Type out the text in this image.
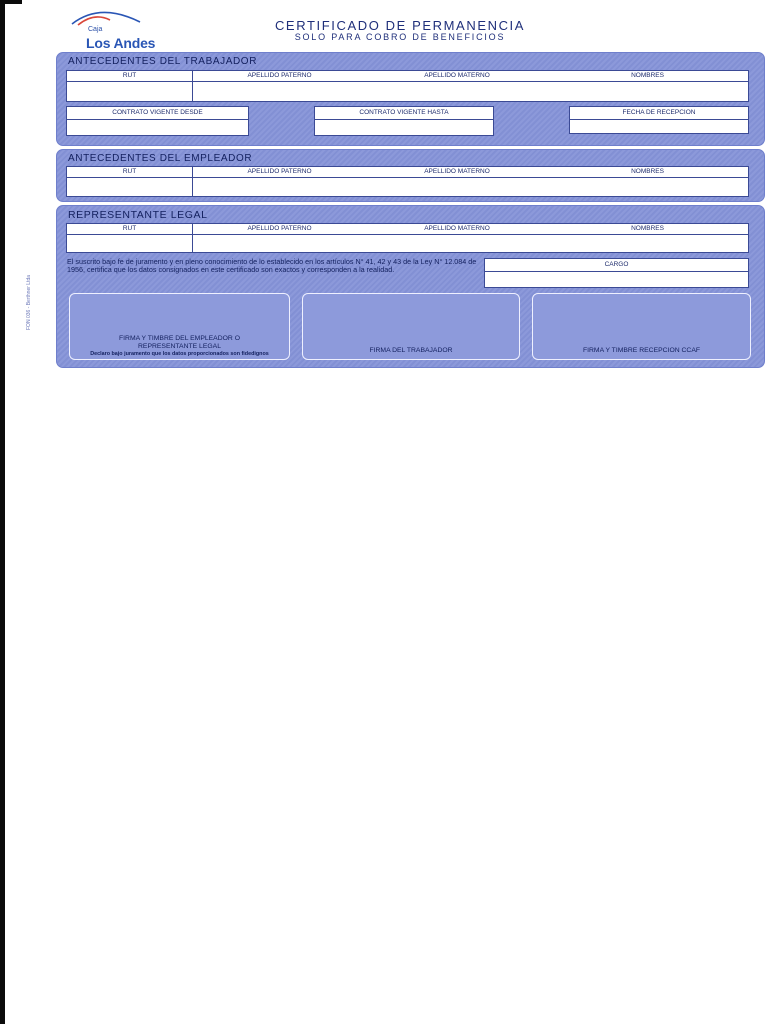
Caja
Los Andes
CERTIFICADO DE PERMANENCIA
SOLO PARA COBRO DE BENEFICIOS
ANTECEDENTES DEL TRABAJADOR
RUT	APELLIDO PATERNO	APELLIDO MATERNO	NOMBRES
CONTRATO VIGENTE DESDE	CONTRATO VIGENTE HASTA	FECHA DE RECEPCION
ANTECEDENTES DEL EMPLEADOR
RUT	APELLIDO PATERNO	APELLIDO MATERNO	NOMBRES
REPRESENTANTE LEGAL
RUT	APELLIDO PATERNO	APELLIDO MATERNO	NOMBRES
El suscrito bajo fe de juramento y en pleno conocimiento de lo establecido en los artículos N° 41, 42 y 43 de la Ley N° 12.084 de 1956, certifica que los datos consignados en este certificado son exactos y corresponden a la realidad.
CARGO
FIRMA Y TIMBRE DEL EMPLEADOR O REPRESENTANTE LEGAL
Declaro bajo juramento que los datos proporcionados son fidedignos	FIRMA DEL TRABAJADOR	FIRMA Y TIMBRE RECEPCION CCAF
FON 036 - Berthner Ltda
